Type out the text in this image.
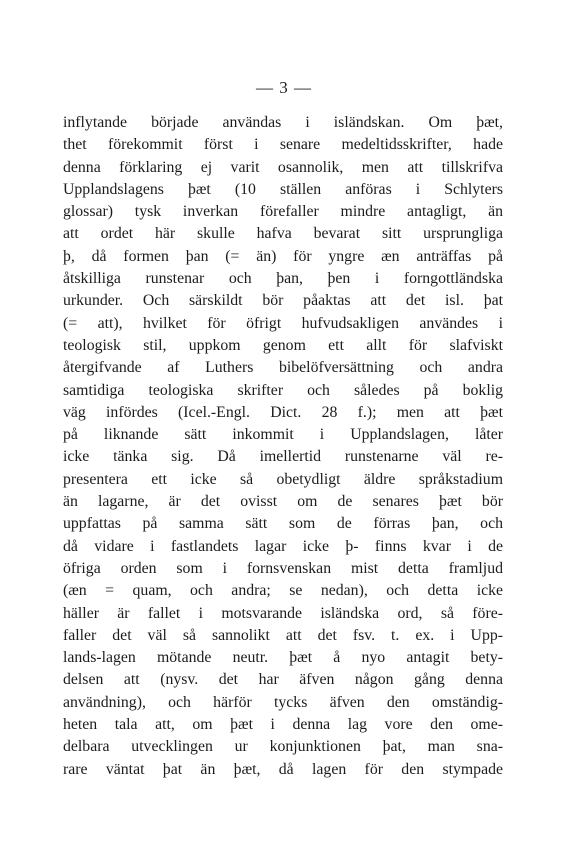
— 3 —
inflytande började användas i isländskan. Om þæt,
thet förekommit först i senare medeltidsskrifter, hade
denna förklaring ej varit osannolik, men att tillskrifva
Upplandslagens þæt (10 ställen anföras i Schlyters
glossar) tysk inverkan förefaller mindre antagligt, än
att ordet här skulle hafva bevarat sitt ursprungliga
þ, då formen þan (= än) för yngre æn anträffas på
åtskilliga runstenar och þan, þen i forngottländska
urkunder. Och särskildt bör påaktas att det isl. þat
(= att), hvilket för öfrigt hufvudsakligen användes i
teologisk stil, uppkom genom ett allt för slafviskt
återgifvande af Luthers bibelöfversättning och andra
samtidiga teologiska skrifter och således på boklig
väg infördes (Icel.-Engl. Dict. 28 f.); men att þæt
på liknande sätt inkommit i Upplandslagen, låter
icke tänka sig. Då imellertid runstenarne väl re-
presentera ett icke så obetydligt äldre språkstadium
än lagarne, är det ovisst om de senares þæt bör
uppfattas på samma sätt som de förras þan, och
då vidare i fastlandets lagar icke þ- finns kvar i de
öfriga orden som i fornsvenskan mist detta framljud
(æn = quam, och andra; se nedan), och detta icke
häller är fallet i motsvarande isländska ord, så före-
faller det väl så sannolikt att det fsv. t. ex. i Upp-
lands-lagen mötande neutr. þæt å nyo antagit bety-
delsen att (nysv. det har äfven någon gång denna
användning), och härför tycks äfven den omständig-
heten tala att, om þæt i denna lag vore den ome-
delbara utvecklingen ur konjunktionen þat, man sna-
rare väntat þat än þæt, då lagen för den stympade
